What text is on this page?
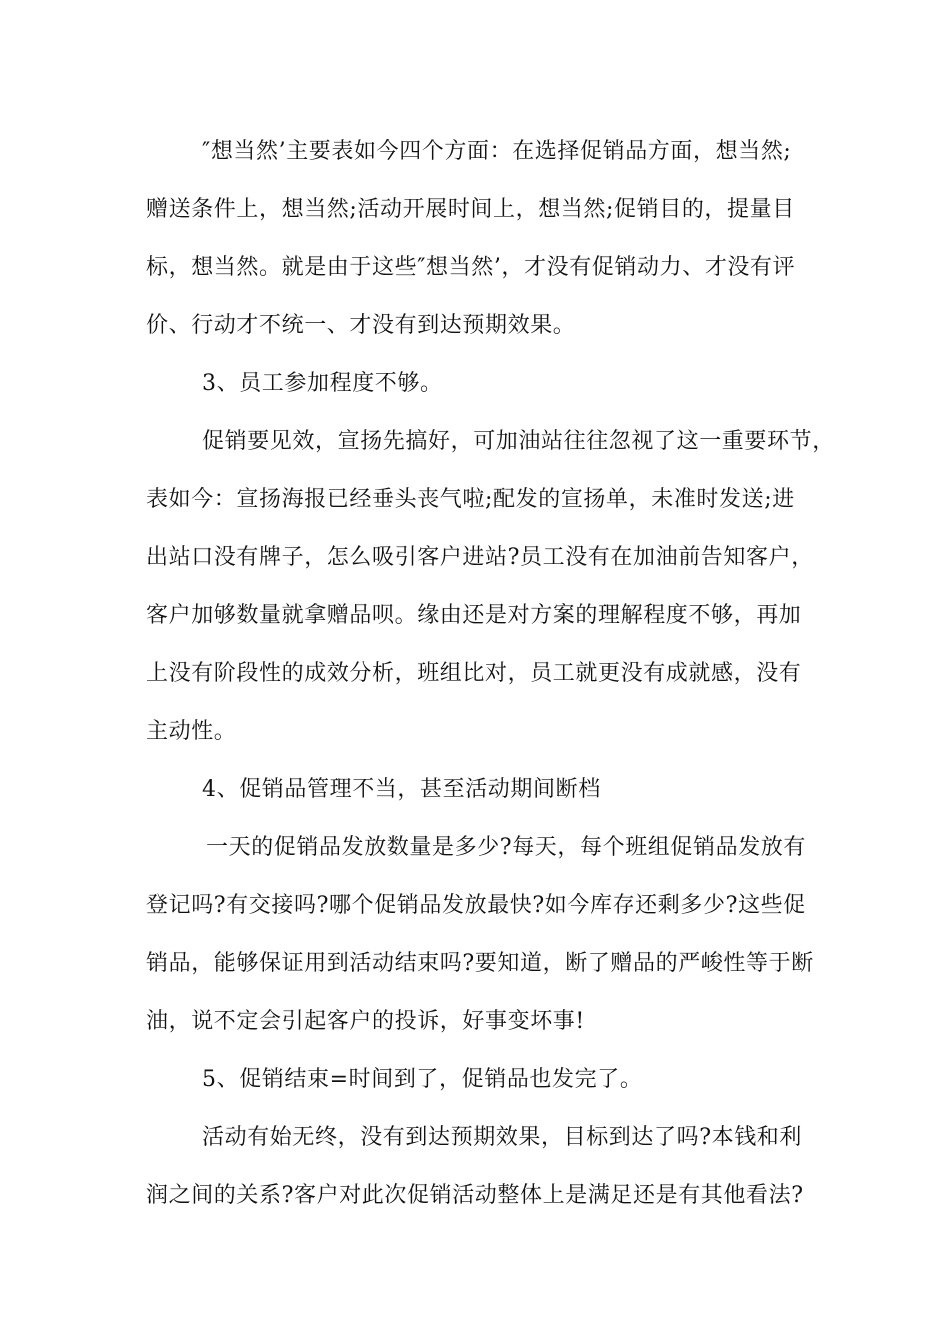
″想当然’主要表如今四个方面：在选择促销品方面，想当然;
赠送条件上，想当然;活动开展时间上，想当然;促销目的，提量目
标，想当然。就是由于这些″想当然’，才没有促销动力、才没有评
价、行动才不统一、才没有到达预期效果。
3、员工参加程度不够。
促销要见效，宣扬先搞好，可加油站往往忽视了这一重要环节，
表如今：宣扬海报已经垂头丧气啦;配发的宣扬单，未准时发送;进
出站口没有牌子，怎么吸引客户进站?员工没有在加油前告知客户，
客户加够数量就拿赠品呗。缘由还是对方案的理解程度不够，再加
上没有阶段性的成效分析，班组比对，员工就更没有成就感，没有
主动性。
4、促销品管理不当，甚至活动期间断档
一天的促销品发放数量是多少?每天，每个班组促销品发放有
登记吗?有交接吗?哪个促销品发放最快?如今库存还剩多少?这些促
销品，能够保证用到活动结束吗?要知道，断了赠品的严峻性等于断
油，说不定会引起客户的投诉，好事变坏事!
5、促销结束=时间到了，促销品也发完了。
活动有始无终，没有到达预期效果，目标到达了吗?本钱和利
润之间的关系?客户对此次促销活动整体上是满足还是有其他看法?
